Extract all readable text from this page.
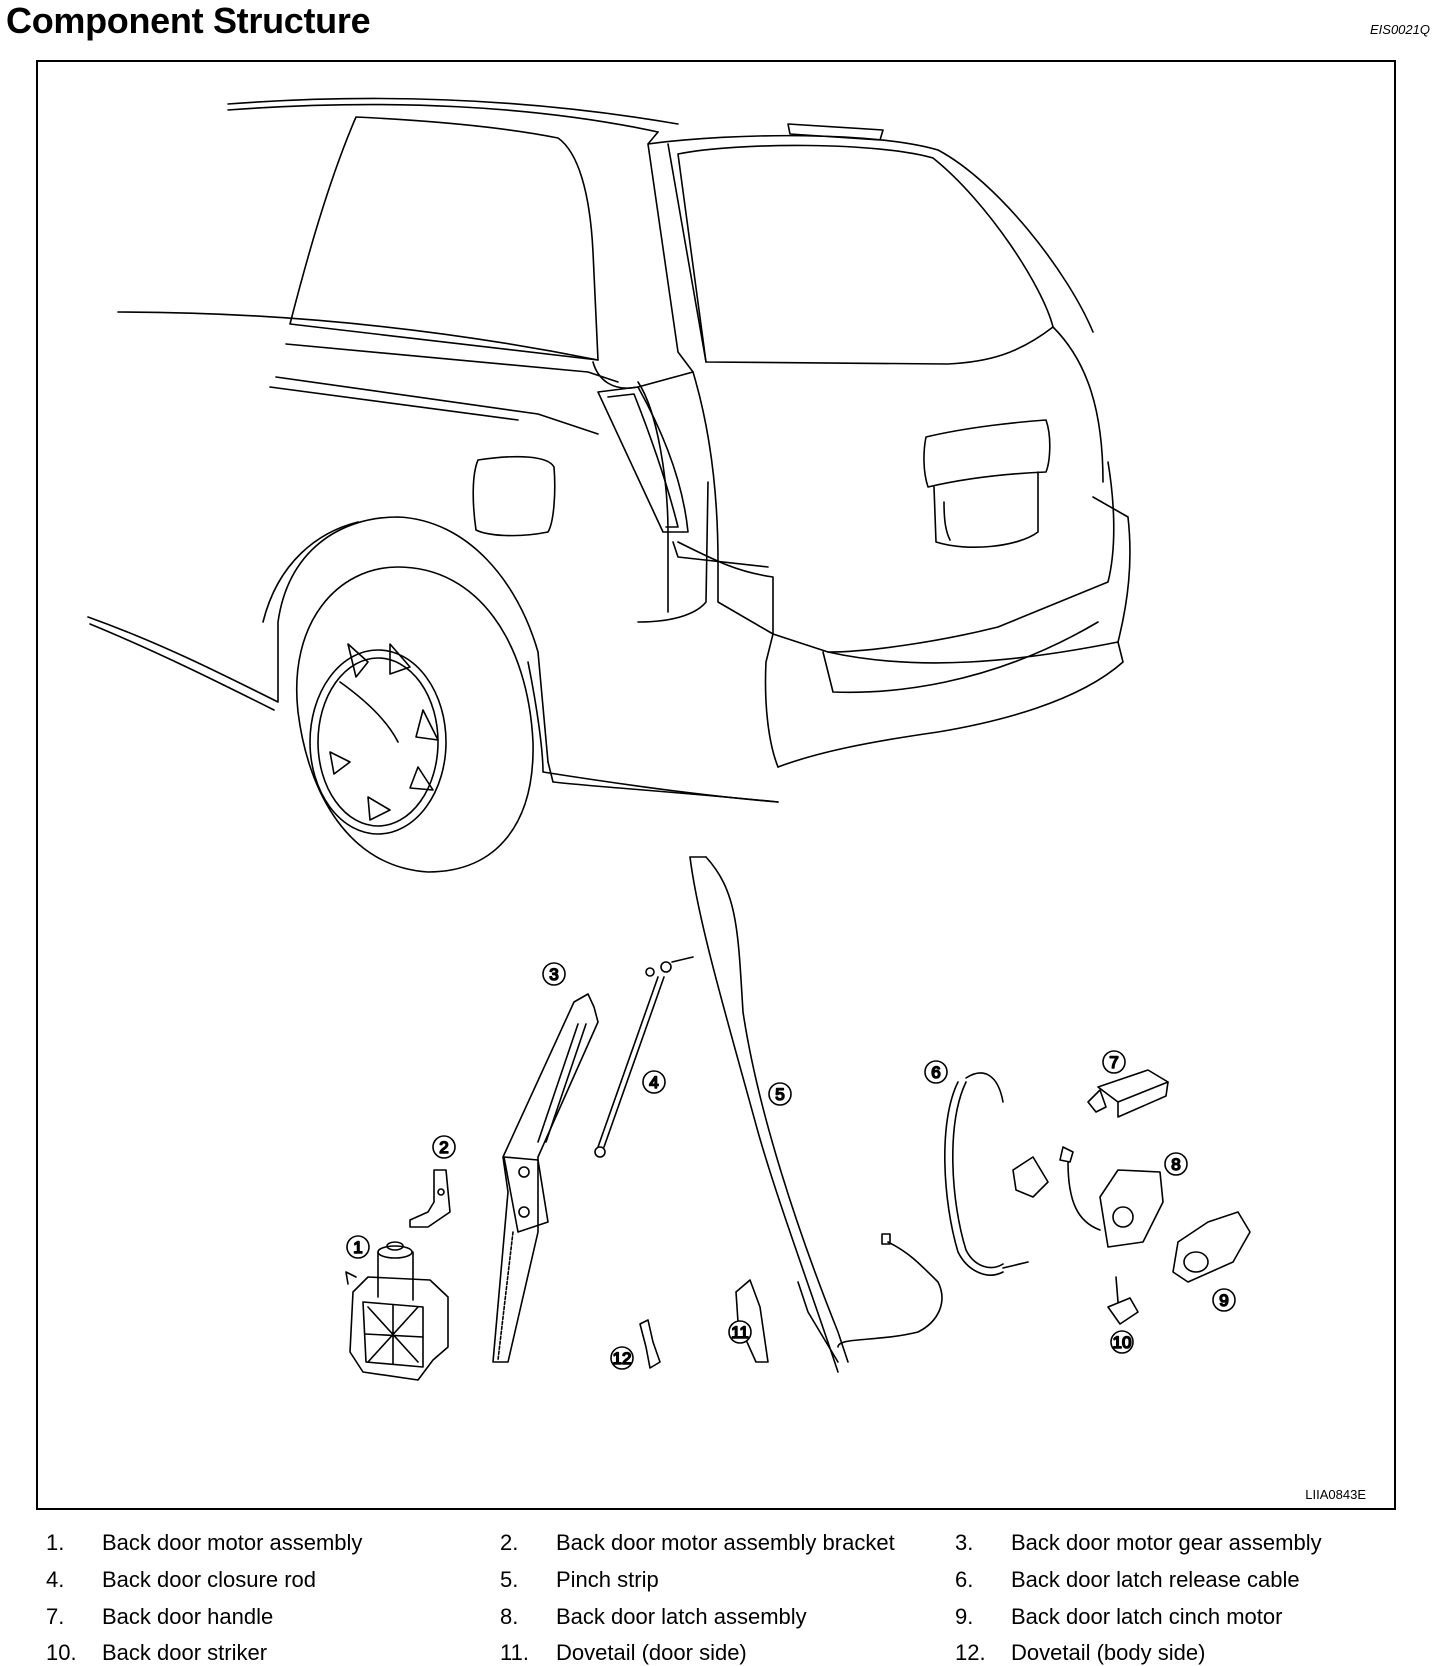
Component Structure	EIS0021Q
1
2
3
4
5
6
7
8
9
10
11
12
LIIA0843E
1. Back door motor assembly	2. Back door motor assembly bracket	3. Back door motor gear assembly
4. Back door closure rod	5. Pinch strip	6. Back door latch release cable
7. Back door handle	8. Back door latch assembly	9. Back door latch cinch motor
10. Back door striker	11. Dovetail (door side)	12. Dovetail (body side)
